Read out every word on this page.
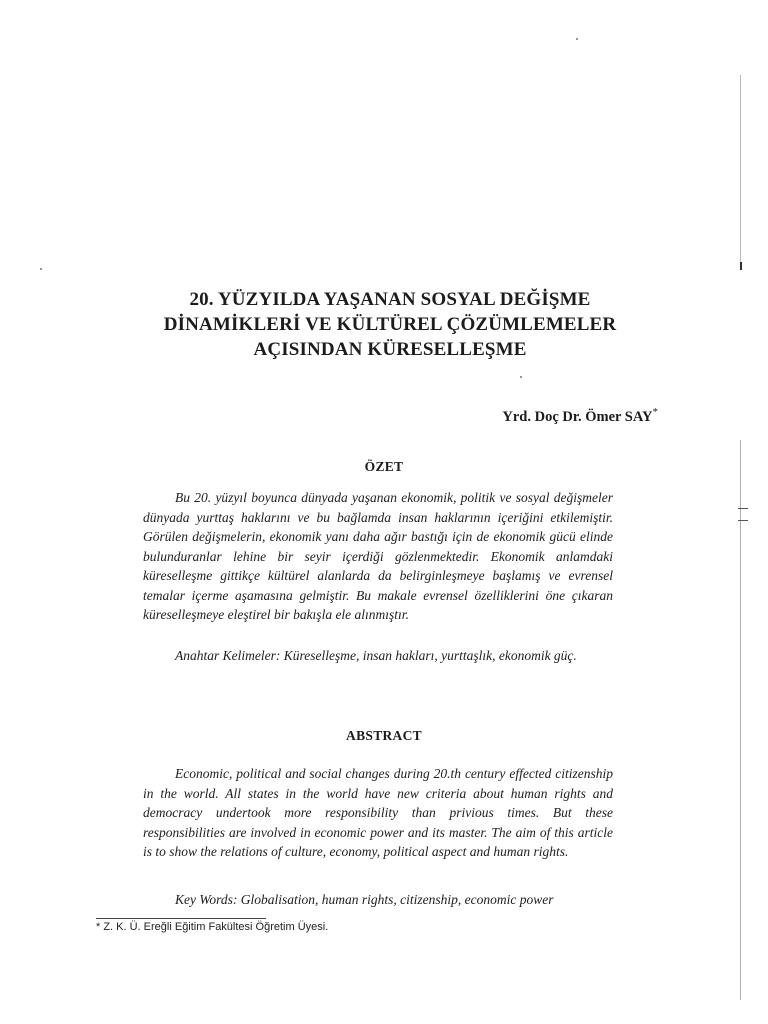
20. YÜZYILDA YAŞANAN SOSYAL DEĞİŞME
DİNAMİKLERİ VE KÜLTÜREL ÇÖZÜMLEMELER
AÇISINDAN KÜRESELLEŞME

Yrd. Doç Dr. Ömer SAY*

ÖZET

Bu 20. yüzyıl boyunca dünyada yaşanan ekonomik, politik ve sosyal değişmeler dünyada yurttaş haklarını ve bu bağlamda insan haklarının içeriğini etkilemiştir. Görülen değişmelerin, ekonomik yanı daha ağır bastığı için de ekonomik gücü elinde bulunduranlar lehine bir seyir içerdiği gözlenmektedir. Ekonomik anlamdaki küreselleşme gittikçe kültürel alanlarda da belirginleşmeye başlamış ve evrensel temalar içerme aşamasına gelmiştir. Bu makale evrensel özelliklerini öne çıkaran küreselleşmeye eleştirel bir bakışla ele alınmıştır.

Anahtar Kelimeler: Küreselleşme, insan hakları, yurttaşlık, ekonomik güç.

ABSTRACT

Economic, political and social changes during 20.th century effected citizenship in the world. All states in the world have new criteria about human rights and democracy undertook more responsibility than privious times. But these responsibilities are involved in economic power and its master. The aim of this article is to show the relations of culture, economy, political aspect and human rights.

Key Words: Globalisation, human rights, citizenship, economic power

* Z. K. Ü. Ereğli Eğitim Fakültesi Öğretim Üyesi.
